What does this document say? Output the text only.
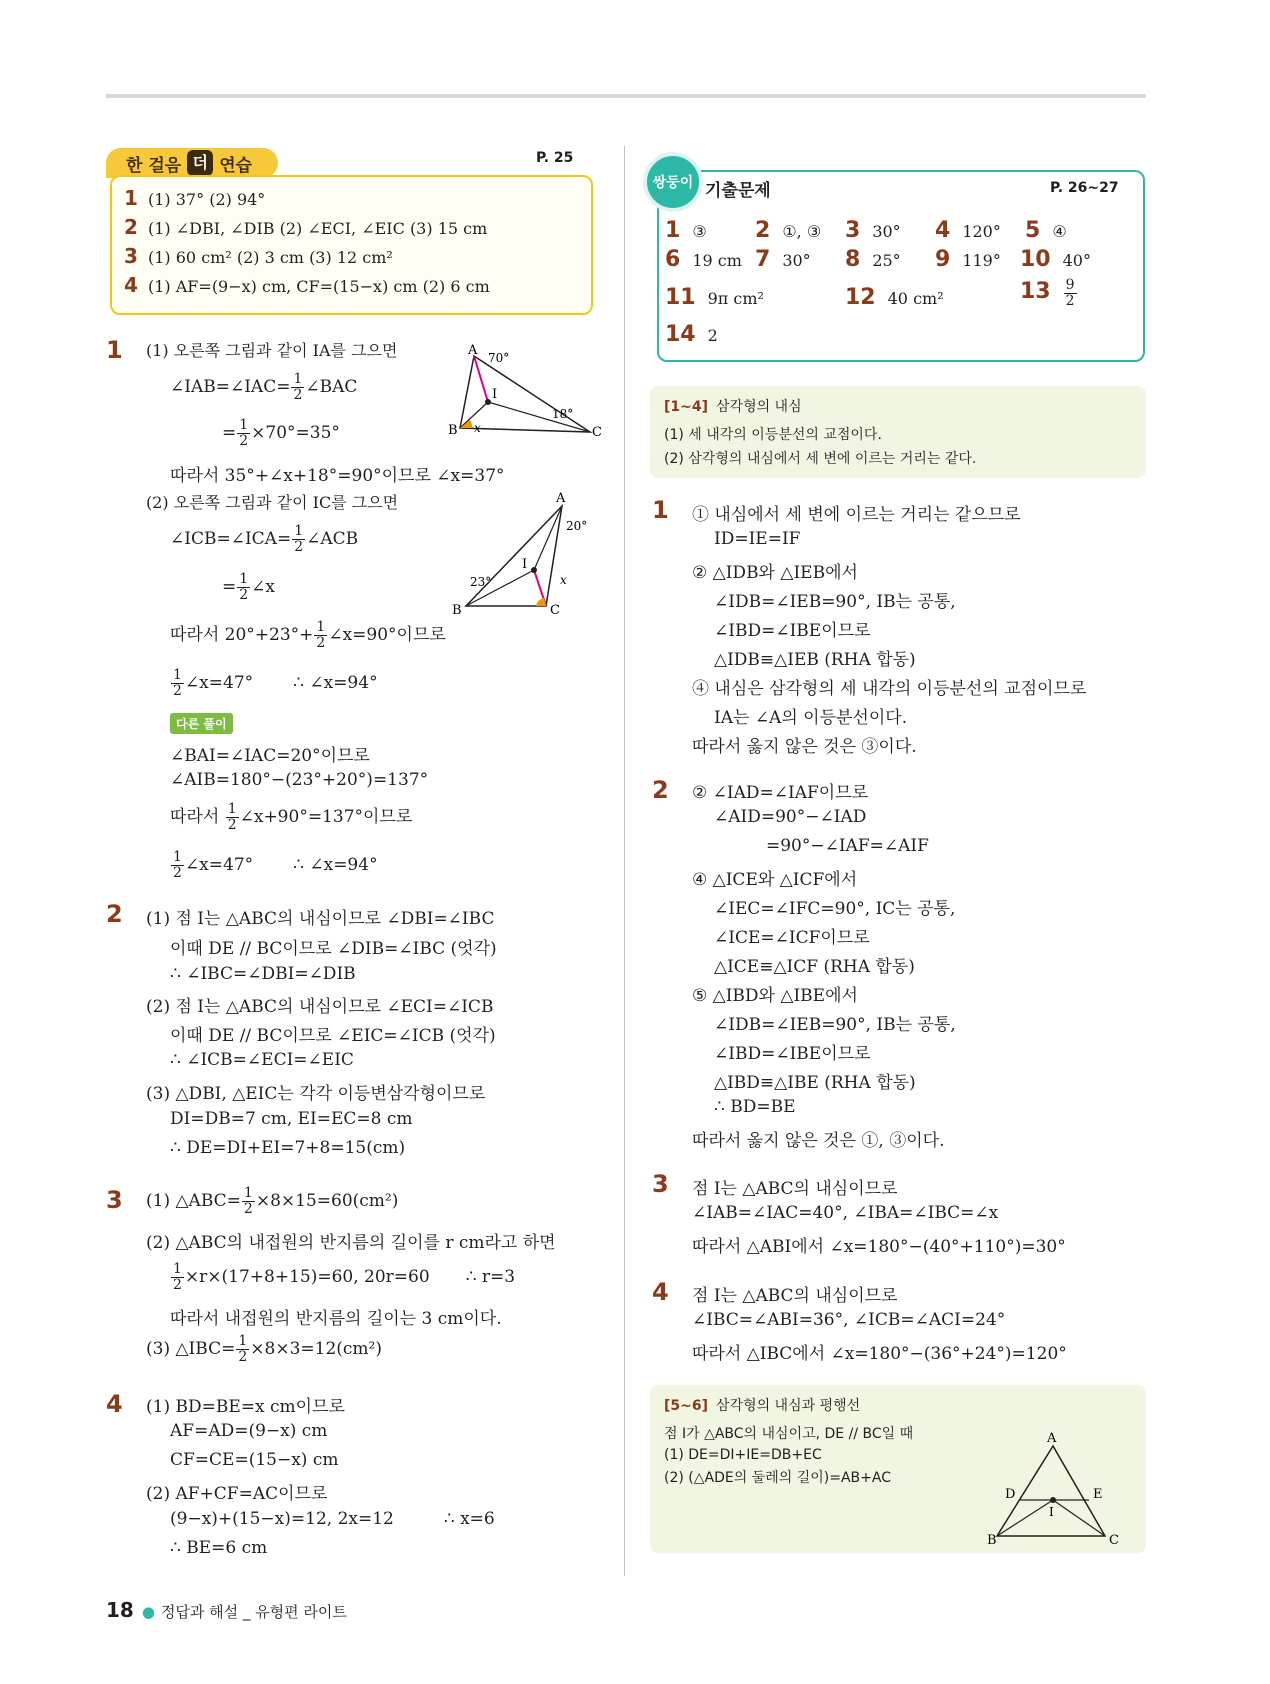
한 걸음 더 연습	P. 25
1 (1) 37° (2) 94°
2 (1) ∠DBI, ∠DIB (2) ∠ECI, ∠EIC (3) 15 cm
3 (1) 60 cm² (2) 3 cm (3) 12 cm²
4 (1) AF=(9−x) cm, CF=(15−x) cm (2) 6 cm
쌍둥이 기출문제	P. 26~27
1 ③ 2 ①, ③ 3 30° 4 120° 5 ④
6 19 cm 7 30° 8 25° 9 119° 10 40°
11 9π cm²	12 40 cm²	$13 \frac{9}{2}$
14 2
[1~4] 삼각형의 내심
(1) 세 내각의 이등분선의 교점이다.
(2) 삼각형의 내심에서 세 변에 이르는 거리는 같다.
1 (1) 오른쪽 그림과 같이 IA를 그으면
∠IAB=∠IAC= $\frac{1}{2}$ ∠BAC
= $\frac{1}{2} \times 70^\circ=35^\circ$
따라서 35°+∠x+18°=90°이므로 ∠x=37°
(2) 오른쪽 그림과 같이 IC를 그으면
∠ICB=∠ICA= $\frac{1}{2}$ ∠ACB
= $\frac{1}{2}$ ∠x
따라서 $20^\circ+23^\circ+ \frac{1}{2}$ ∠x=90°이므로
$\frac{1}{2}$ ∠x=47° ∴ ∠x=94°
다른 풀이
∠BAI=∠IAC=20°이므로
∠AIB=180°−(23°+20°)=137°
따라서 $\frac{1}{2}$ ∠x+90°=137°이므로
$\frac{1}{2}$ ∠x=47° ∴ ∠x=94°
A 70°
B	C
I
18°
x
A
20°
B	C
I
23°	x
2 (1) 점 I는 △ABC의 내심이므로 ∠DBI=∠IBC
이때 DE // BC이므로 ∠DIB=∠IBC (엇각)
∴ ∠IBC=∠DBI=∠DIB
(2) 점 I는 △ABC의 내심이므로 ∠ECI=∠ICB
이때 DE // BC이므로 ∠EIC=∠ICB (엇각)
∴ ∠ICB=∠ECI=∠EIC
(3) △DBI, △EIC는 각각 이등변삼각형이므로
DI=DB=7 cm, EI=EC=8 cm
∴ DE=DI+EI=7+8=15(cm)
3 (1) △ABC= $\frac{1}{2} \times 8\times 15=60(cm^2)$
(2) △ABC의 내접원의 반지름의 길이를 r cm라고 하면
$\frac{1}{2} \times r\times(17+8+15)=60$, 20r=60 ∴ r=3
따라서 내접원의 반지름의 길이는 3 cm이다.
(3) △IBC= $\frac{1}{2} \times 8\times 3=12(cm^2)$
4 (1) BD=BE=x cm이므로
AF=AD=(9−x) cm
CF=CE=(15−x) cm
(2) AF+CF=AC이므로
(9−x)+(15−x)=12, 2x=12	∴ x=6
∴ BE=6 cm
1 ① 내심에서 세 변에 이르는 거리는 같으므로
ID=IE=IF
② △IDB와 △IEB에서
∠IDB=∠IEB=90°, IB는 공통,
∠IBD=∠IBE이므로
△IDB≡△IEB (RHA 합동)
④ 내심은 삼각형의 세 내각의 이등분선의 교점이므로
IA는 ∠A의 이등분선이다.
따라서 옳지 않은 것은 ③이다.
2 ② ∠IAD=∠IAF이므로
∠AID=90°−∠IAD
=90°−∠IAF=∠AIF
④ △ICE와 △ICF에서
∠IEC=∠IFC=90°, IC는 공통,
∠ICE=∠ICF이므로
△ICE≡△ICF (RHA 합동)
⑤ △IBD와 △IBE에서
∠IDB=∠IEB=90°, IB는 공통,
∠IBD=∠IBE이므로
△IBD≡△IBE (RHA 합동)
∴ BD=BE
따라서 옳지 않은 것은 ①, ③이다.
3 점 I는 △ABC의 내심이므로
∠IAB=∠IAC=40°, ∠IBA=∠IBC=∠x
따라서 △ABI에서 ∠x=180°−(40°+110°)=30°
4 점 I는 △ABC의 내심이므로
∠IBC=∠ABI=36°, ∠ICB=∠ACI=24°
따라서 △IBC에서 ∠x=180°−(36°+24°)=120°
[5~6] 삼각형의 내심과 평행선
점 I가 △ABC의 내심이고, DE // BC일 때
(1) DE=DI+IE=DB+EC
(2) (△ADE의 둘레의 길이)=AB+AC
A
B	C
D	E
I
18 ● 정답과 해설 _ 유형편 라이트
